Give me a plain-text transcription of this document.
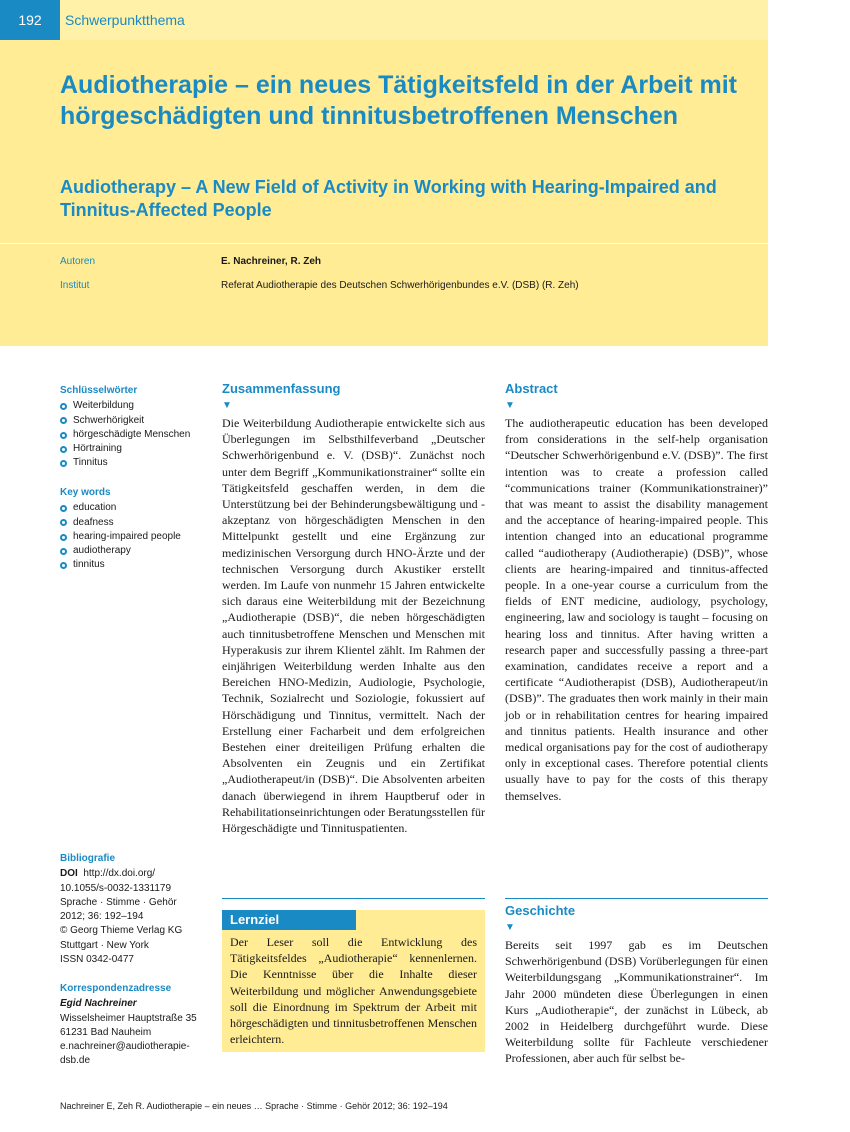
192	Schwerpunktthema
Audiotherapie – ein neues Tätigkeitsfeld in der Arbeit mit hörgeschädigten und tinnitusbetroffenen Menschen
Audiotherapy – A New Field of Activity in Working with Hearing-Impaired and Tinnitus-Affected People
Autoren	E. Nachreiner, R. Zeh
Institut	Referat Audiotherapie des Deutschen Schwerhörigenbundes e.V. (DSB) (R. Zeh)
Schlüsselwörter
Weiterbildung
Schwerhörigkeit
hörgeschädigte Menschen
Hörtraining
Tinnitus
Key words
education
deafness
hearing-impaired people
audiotherapy
tinnitus
Bibliografie
DOI http://dx.doi.org/
10.1055/s-0032-1331179
Sprache · Stimme · Gehör
2012; 36: 192–194
© Georg Thieme Verlag KG
Stuttgart · New York
ISSN 0342-0477
Korrespondenzadresse
Egid Nachreiner
Wisselsheimer Hauptstraße 35
61231 Bad Nauheim
e.nachreiner@audiotherapie-
dsb.de
Zusammenfassung
▼

Die Weiterbildung Audiotherapie entwickelte sich aus Überlegungen im Selbsthilfeverband „Deutscher Schwerhörigenbund e. V. (DSB)“. Zunächst noch unter dem Begriff „Kommunikationstrainer“ sollte ein Tätigkeitsfeld geschaffen werden, in dem die Unterstützung bei der Behinderungsbewältigung und -akzeptanz von hörgeschädigten Menschen in den Mittelpunkt gestellt und eine Ergänzung zur medizinischen Versorgung durch HNO-Ärzte und der technischen Versorgung durch Akustiker erstellt werden. Im Laufe von nunmehr 15 Jahren entwickelte sich daraus eine Weiterbildung mit der Bezeichnung „Audiotherapie (DSB)“, die neben hörgeschädigten auch tinnitusbetroffene Menschen und Menschen mit Hyperakusis zur ihrem Klientel zählt. Im Rahmen der einjährigen Weiterbildung werden Inhalte aus den Bereichen HNO-Medizin, Audiologie, Psychologie, Technik, Sozialrecht und Soziologie, fokussiert auf Hörschädigung und Tinnitus, vermittelt. Nach der Erstellung einer Facharbeit und dem erfolgreichen Bestehen einer dreiteiligen Prüfung erhalten die Absolventen ein Zeugnis und ein Zertifikat „Audiotherapeut/in (DSB)“. Die Absolventen arbeiten danach überwiegend in ihrem Hauptberuf oder in Rehabilitationseinrichtungen oder Beratungsstellen für Hörgeschädigte und Tinnituspatienten.

Abstract
▼

The audiotherapeutic education has been developed from considerations in the self-help organisation “Deutscher Schwerhörigenbund e.V. (DSB)”. The first intention was to create a profession called “communications trainer (Kommunikationstrainer)” that was meant to assist the disability management and the acceptance of hearing-impaired people. This intention changed into an educational programme called “audiotherapy (Audiotherapie) (DSB)”, whose clients are hearing-impaired and tinnitus-affected people. In a one-year course a curriculum from the fields of ENT medicine, audiology, psychology, engineering, law and sociology is taught – focusing on hearing loss and tinnitus. After having written a research paper and successfully passing a three-part examination, candidates receive a report and a certificate “Audiotherapist (DSB), Audiotherapeut/in (DSB)”. The graduates then work mainly in their main job or in rehabilitation centres for hearing impaired and tinnitus patients. Health insurance and other medical organisations pay for the cost of audiotherapy only in exceptional cases. Therefore potential clients usually have to pay for the costs of this therapy themselves.

Lernziel

Der Leser soll die Entwicklung des Tätigkeitsfeldes „Audiotherapie“ kennenlernen. Die Kenntnisse über die Inhalte dieser Weiterbildung und möglicher Anwendungsgebiete soll die Einordnung im Spektrum der Arbeit mit hörgeschädigten und tinnitusbetroffenen Menschen erleichtern.

Geschichte
▼

Bereits seit 1997 gab es im Deutschen Schwerhörigenbund (DSB) Vorüberlegungen für einen Weiterbildungsgang „Kommunikationstrainer“. Im Jahr 2000 mündeten diese Überlegungen in einen Kurs „Audiotherapie“, der zunächst in Lübeck, ab 2002 in Heidelberg durchgeführt wurde. Diese Weiterbildung sollte für Fachleute verschiedener Professionen, aber auch für selbst be-

Nachreiner E, Zeh R. Audiotherapie – ein neues … Sprache · Stimme · Gehör 2012; 36: 192–194
